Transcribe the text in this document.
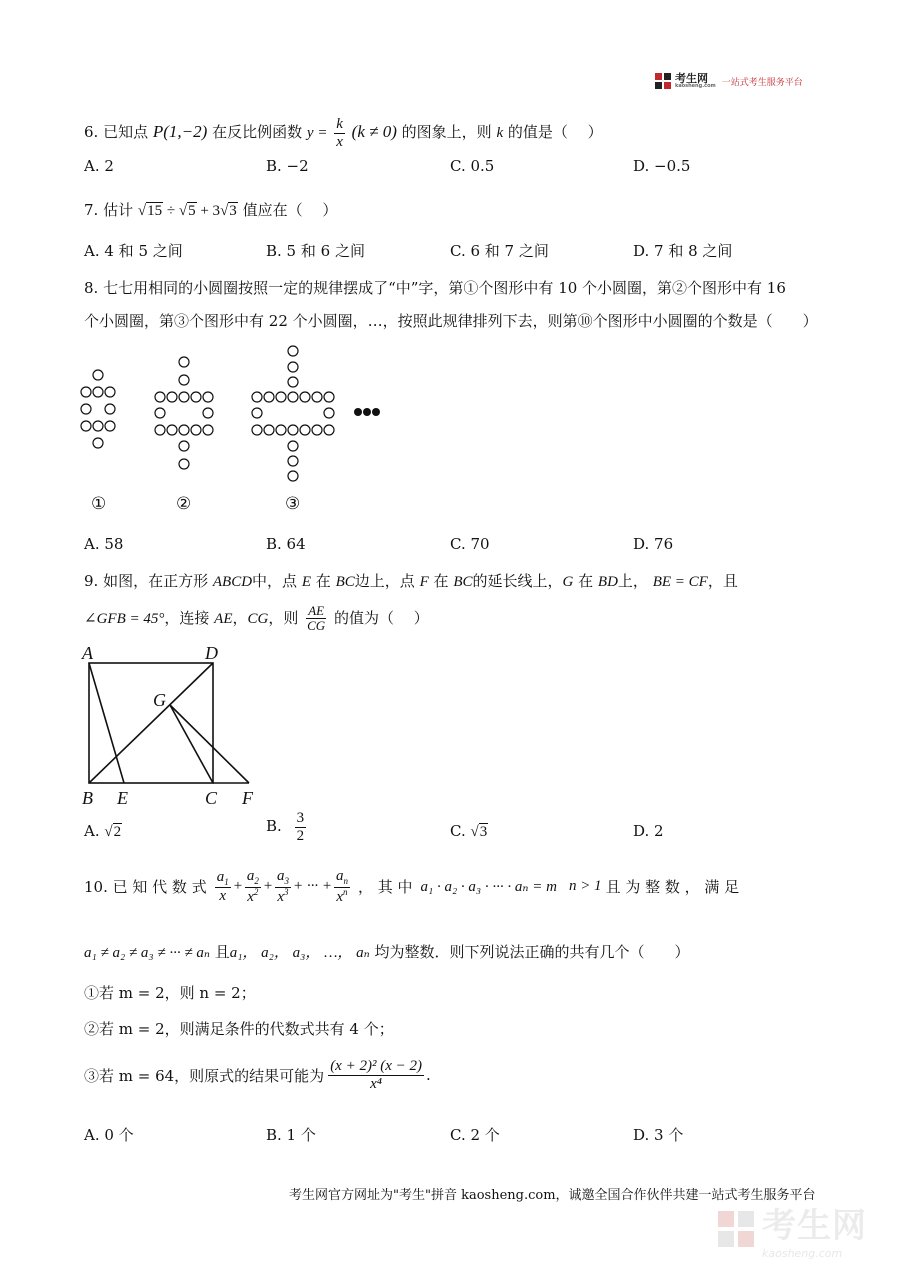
考生网
kaosheng.com 一站式考生服务平台
6. 已知点 P(1,−2) 在反比例函数 $y = \frac{k}{x} (k \ne 0)$ 的图象上，则 k 的值是（　 ）
A. 2	B. −2	C. 0.5	D. −0.5
7. 估计 √15 ÷ √5 + 3√3 值应在（　 ）
A. 4 和 5 之间	B. 5 和 6 之间	C. 6 和 7 之间	D. 7 和 8 之间
8. 七七用相同的小圆圈按照一定的规律摆成了“中”字，第①个图形中有 10 个小圆圈，第②个图形中有 16
个小圆圈，第③个图形中有 22 个小圆圈，…，按照此规律排列下去，则第⑩个图形中小圆圈的个数是（　　）
①	②	③
A. 58	B. 64	C. 70	D. 76
9. 如图，在正方形 ABCD中，点 E 在 BC边上，点 F 在 BC的延长线上，G 在 BD上， BE = CF，且
∠GFB = 45°，连接 AE，CG，则 $\frac{AE}{CG}$ 的值为（　 ）
A	D
G
B E	C F
A. √2	B. $\frac{3}{2}$	C. √3	D. 2
10. 已 知 代 数 式 $\frac{a_1}{x} + \frac{a_2}{x^2} + \frac{a_3}{x^3}$ + ··· + $\frac{a_n}{x^n}$ ， 其 中 a₁ · a₂ · a₃ · ··· · aₙ = m n > 1 且 为 整 数 ， 满 足
a₁ ≠ a₂ ≠ a₃ ≠ ··· ≠ aₙ 且a₁， a₂， a₃， …， aₙ 均为整数．则下列说法正确的共有几个（　　）
①若 m = 2，则 n = 2；
②若 m = 2，则满足条件的代数式共有 4 个；
③若 m = 64，则原式的结果可能为 $\frac{\text{(x + 2)² (x − 2)}}{\text{x⁴}}$ .
A. 0 个	B. 1 个	C. 2 个	D. 3 个
考生网官方网址为"考生"拼音 kaosheng.com，诚邀全国合作伙伴共建一站式考生服务平台
考生网
kaosheng.com
